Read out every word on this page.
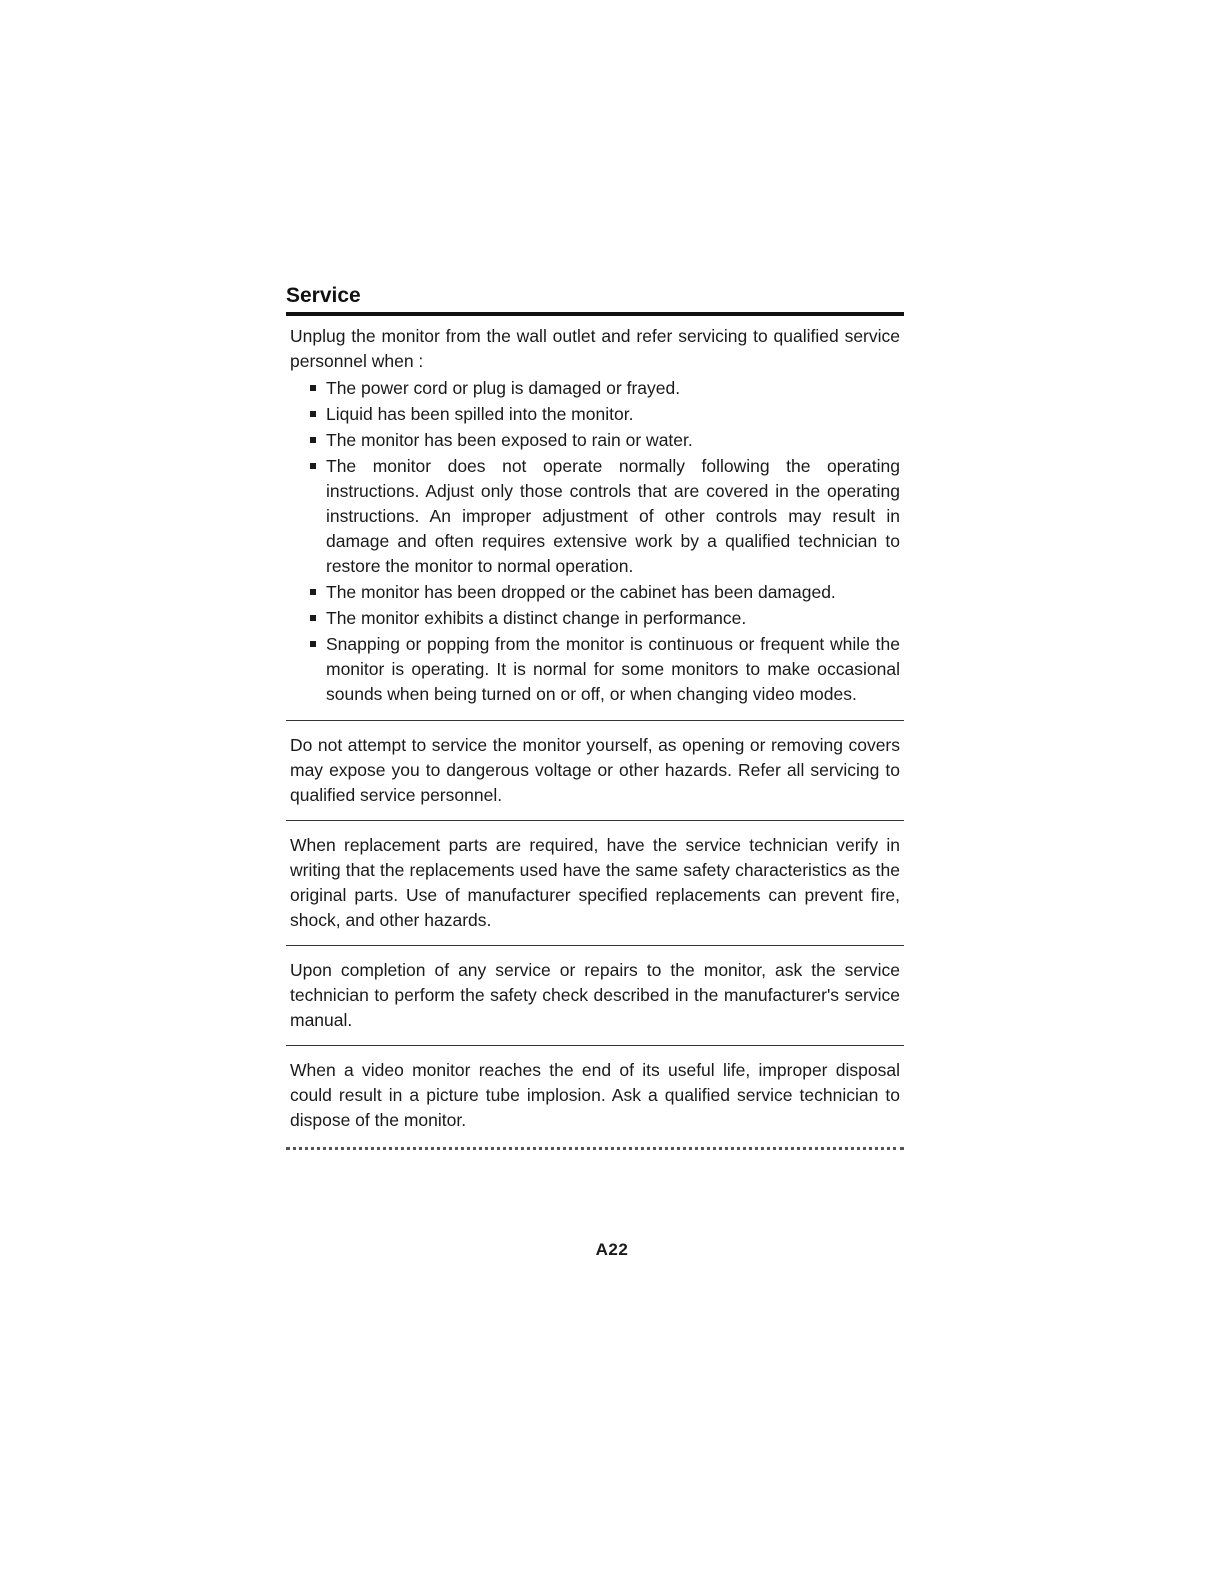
Service
Unplug the monitor from the wall outlet and refer servicing to qualified service personnel when :
The power cord or plug is damaged or frayed.
Liquid has been spilled into the monitor.
The monitor has been exposed to rain or water.
The monitor does not operate normally following the operating instructions. Adjust only those controls that are covered in the operating instructions. An improper adjustment of other controls may result in damage and often requires extensive work by a qualified technician to restore the monitor to normal operation.
The monitor has been dropped or the cabinet has been damaged.
The monitor exhibits a distinct change in performance.
Snapping or popping from the monitor is continuous or frequent while the monitor is operating. It is normal for some monitors to make occasional sounds when being turned on or off, or when changing video modes.
Do not attempt to service the monitor yourself, as opening or removing covers may expose you to dangerous voltage or other hazards. Refer all servicing to qualified service personnel.
When replacement parts are required, have the service technician verify in writing that the replacements used have the same safety characteristics as the original parts. Use of manufacturer specified replacements can prevent fire, shock, and other hazards.
Upon completion of any service or repairs to the monitor, ask the service technician to perform the safety check described in the manufacturer's service manual.
When a video monitor reaches the end of its useful life, improper disposal could result in a picture tube implosion. Ask a qualified service technician to dispose of the monitor.
A22
